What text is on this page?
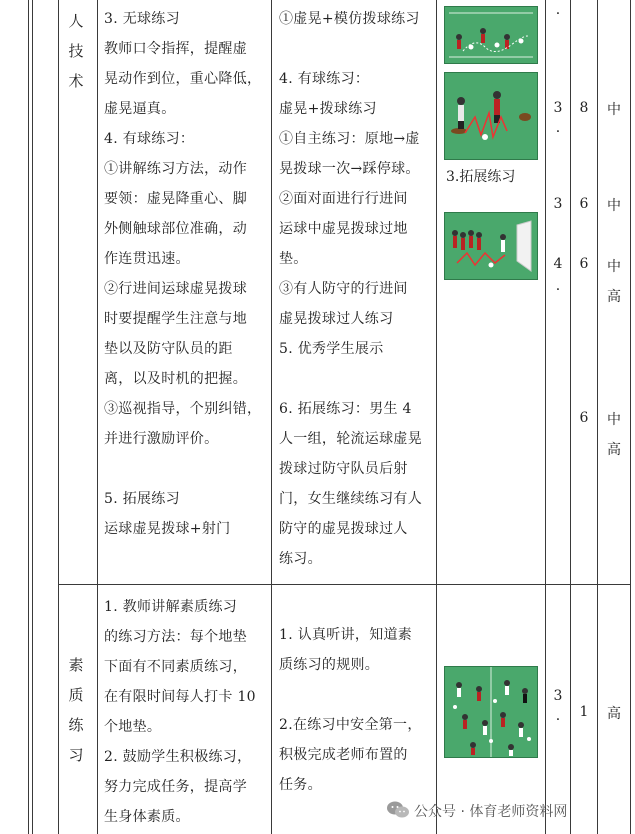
人
技
术

3. 无球练习

教师口令指挥，提醒虚

晃动作到位，重心降低，

虚晃逼真。

4. 有球练习：

①讲解练习方法，动作

要领：虚晃降重心、脚

外侧触球部位准确，动

作连贯迅速。

②行进间运球虚晃拨球

时要提醒学生注意与地

垫以及防守队员的距

离，以及时机的把握。

③巡视指导，个别纠错，

并进行激励评价。

5. 拓展练习

运球虚晃拨球+射门

①虚晃+模仿拨球练习

4. 有球练习：

虚晃+拨球练习

①自主练习：原地→虚

晃拨球一次→踩停球。

②面对面进行行进间

运球中虚晃拨球过地

垫。

③有人防守的行进间

虚晃拨球过人练习

5. 优秀学生展示

6. 拓展练习：男生 4

人一组，轮流运球虚晃

拨球过防守队员后射

门，女生继续练习有人

防守的虚晃拨球过人

练习。

3.拓展练习
·
3
·
3
4
·
8
6
6
6
中
中
中
高
中
高
素
质
练
习

1. 教师讲解素质练习

的练习方法：每个地垫

下面有不同素质练习，

在有限时间每人打卡 10

个地垫。

2. 鼓励学生积极练习，

努力完成任务，提高学

生身体素质。

1. 认真听讲，知道素

质练习的规则。

2.在练习中安全第一，

积极完成老师布置的

任务。

3
·	1	高
公众号 · 体育老师资料网
